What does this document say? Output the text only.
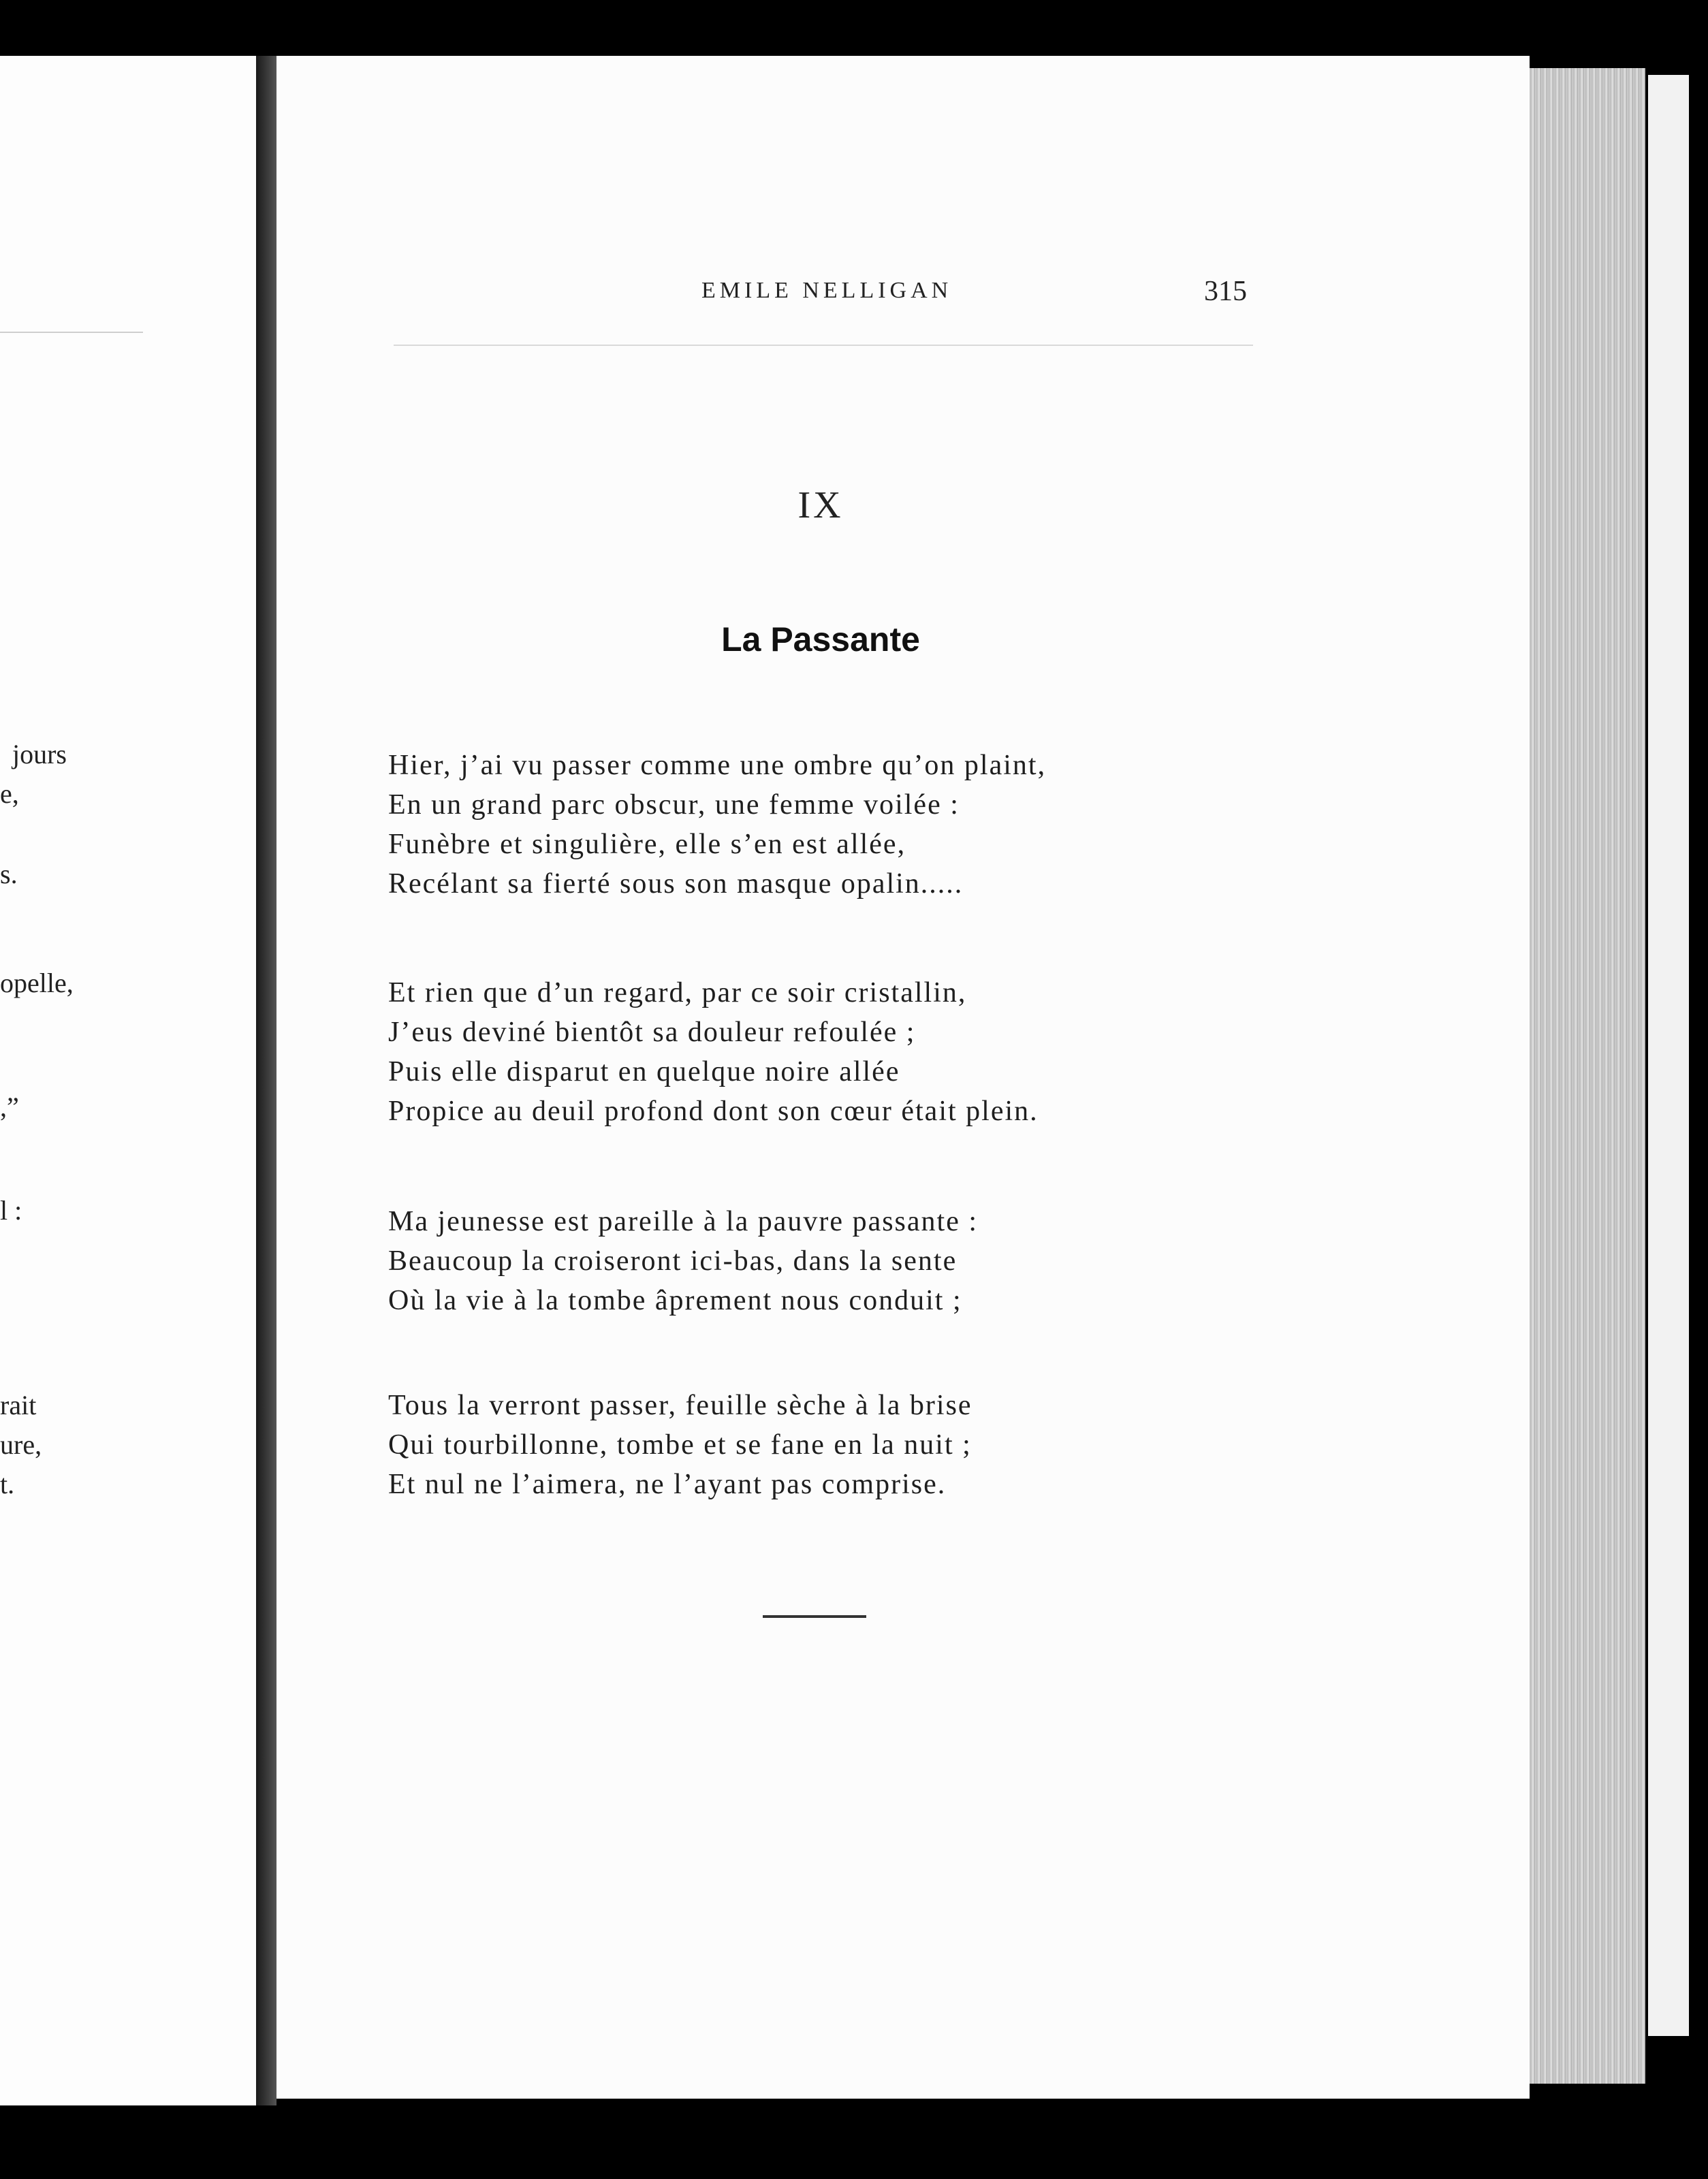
jours
e,
s.
opelle,
,”
l :
rait
ure,
t.
EMILE NELLIGAN	315
IX
La Passante
Hier, j’ai vu passer comme une ombre qu’on plaint,
En un grand parc obscur, une femme voilée :
Funèbre et singulière, elle s’en est allée,
Recélant sa fierté sous son masque opalin.....
Et rien que d’un regard, par ce soir cristallin,
J’eus deviné bientôt sa douleur refoulée ;
Puis elle disparut en quelque noire allée
Propice au deuil profond dont son cœur était plein.
Ma jeunesse est pareille à la pauvre passante :
Beaucoup la croiseront ici-bas, dans la sente
Où la vie à la tombe âprement nous conduit ;
Tous la verront passer, feuille sèche à la brise
Qui tourbillonne, tombe et se fane en la nuit ;
Et nul ne l’aimera, ne l’ayant pas comprise.
